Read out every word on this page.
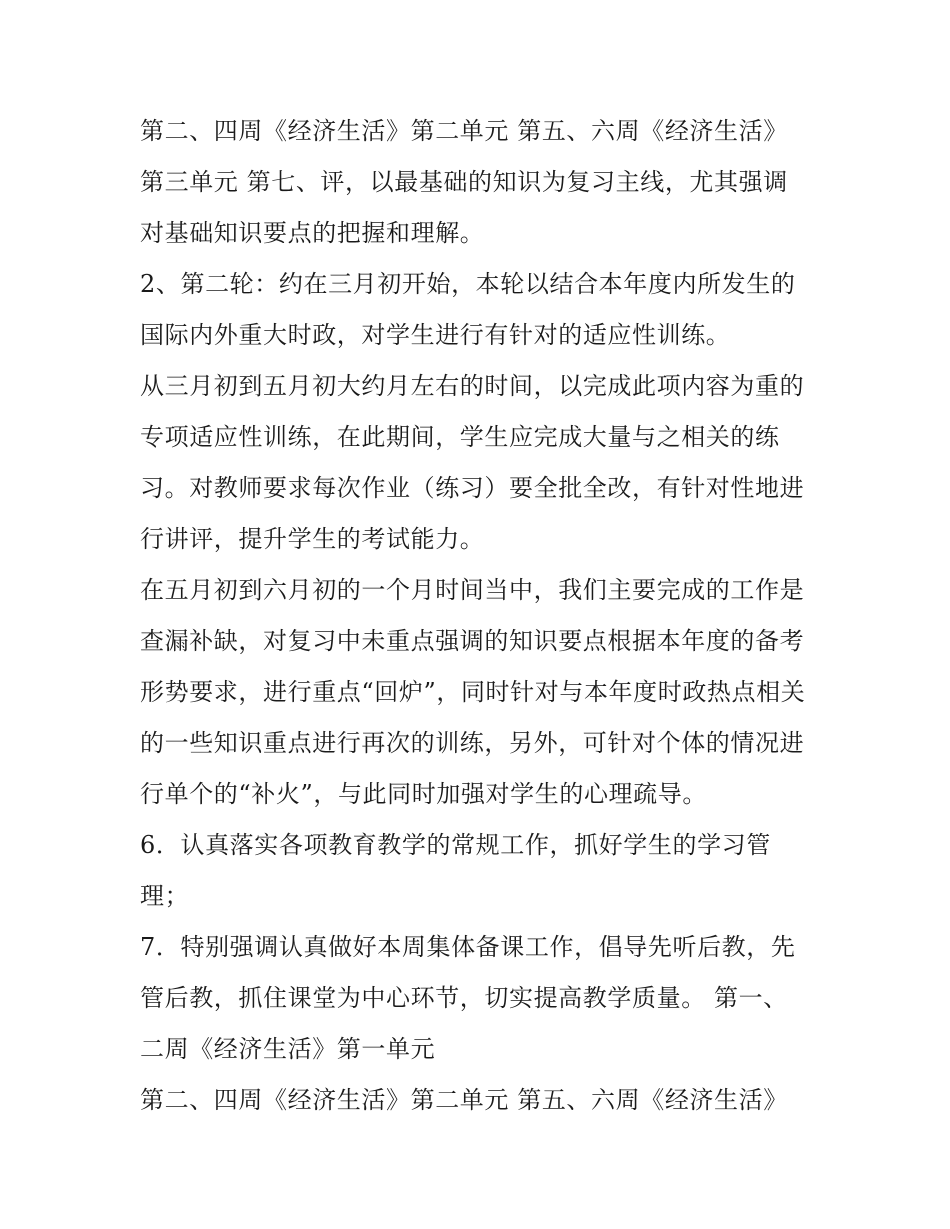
第二、四周《经济生活》第二单元 第五、六周《经济生活》
第三单元 第七、评，以最基础的知识为复习主线，尤其强调
对基础知识要点的把握和理解。
2、第二轮：约在三月初开始，本轮以结合本年度内所发生的
国际内外重大时政，对学生进行有针对的适应性训练。
从三月初到五月初大约月左右的时间，以完成此项内容为重的
专项适应性训练，在此期间，学生应完成大量与之相关的练
习。对教师要求每次作业（练习）要全批全改，有针对性地进
行讲评，提升学生的考试能力。
在五月初到六月初的一个月时间当中，我们主要完成的工作是
查漏补缺，对复习中未重点强调的知识要点根据本年度的备考
形势要求，进行重点“回炉”，同时针对与本年度时政热点相关
的一些知识重点进行再次的训练，另外，可针对个体的情况进
行单个的“补火”，与此同时加强对学生的心理疏导。
6．认真落实各项教育教学的常规工作，抓好学生的学习管
理；
7．特别强调认真做好本周集体备课工作，倡导先听后教，先
管后教，抓住课堂为中心环节，切实提高教学质量。 第一、
二周《经济生活》第一单元
第二、四周《经济生活》第二单元 第五、六周《经济生活》
